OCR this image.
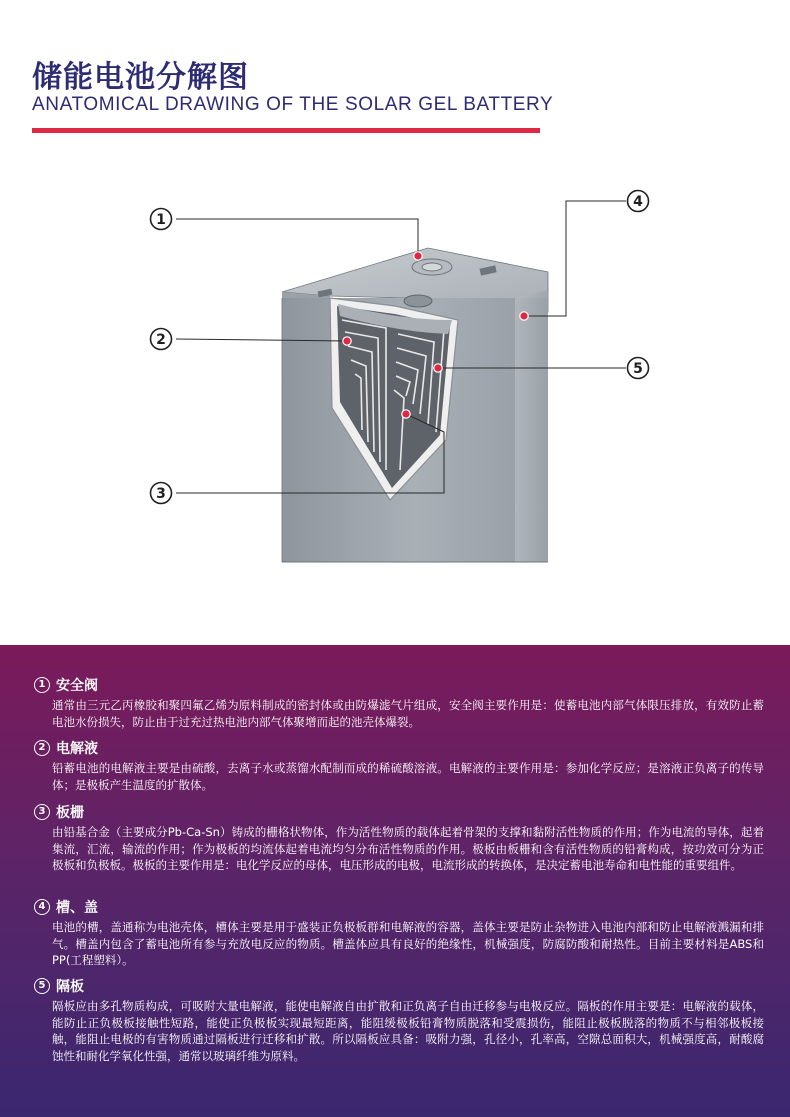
储能电池分解图
ANATOMICAL DRAWING OF THE SOLAR GEL BATTERY
1
2
3
4
5
1 安全阀
通常由三元乙丙橡胶和聚四氟乙烯为原料制成的密封体或由防爆滤气片组成，安全阀主要作用是：使蓄电池内部气体限压排放，有效防止蓄电池水份损失，防止由于过充过热电池内部气体聚增而起的池壳体爆裂。
2 电解液
铅蓄电池的电解液主要是由硫酸，去离子水或蒸馏水配制而成的稀硫酸溶液。电解液的主要作用是：参加化学反应；是溶液正负离子的传导体；是极板产生温度的扩散体。
3 板栅
由铅基合金（主要成分Pb-Ca-Sn）铸成的栅格状物体，作为活性物质的载体起着骨架的支撑和黏附活性物质的作用；作为电流的导体，起着集流，汇流，输流的作用；作为极板的均流体起着电流均匀分布活性物质的作用。极板由板栅和含有活性物质的铅膏构成，按功效可分为正极板和负极板。极板的主要作用是：电化学反应的母体，电压形成的电极，电流形成的转换体，是决定蓄电池寿命和电性能的重要组件。
4 槽、盖
电池的槽，盖通称为电池壳体，槽体主要是用于盛装正负极板群和电解液的容器，盖体主要是防止杂物进入电池内部和防止电解液溅漏和排气。槽盖内包含了蓄电池所有参与充放电反应的物质。槽盖体应具有良好的绝缘性，机械强度，防腐防酸和耐热性。目前主要材料是ABS和PP(工程塑料）。
5 隔板
隔板应由多孔物质构成，可吸附大量电解液，能使电解液自由扩散和正负离子自由迁移参与电极反应。隔板的作用主要是：电解液的载体，能防止正负极板接触性短路，能使正负极板实现最短距离，能阻缓极板铅膏物质脱落和受震损伤，能阻止极板脱落的物质不与相邻极板接触，能阻止电极的有害物质通过隔板进行迁移和扩散。所以隔板应具备：吸附力强，孔径小，孔率高，空隙总面积大，机械强度高，耐酸腐蚀性和耐化学氧化性强，通常以玻璃纤维为原料。
